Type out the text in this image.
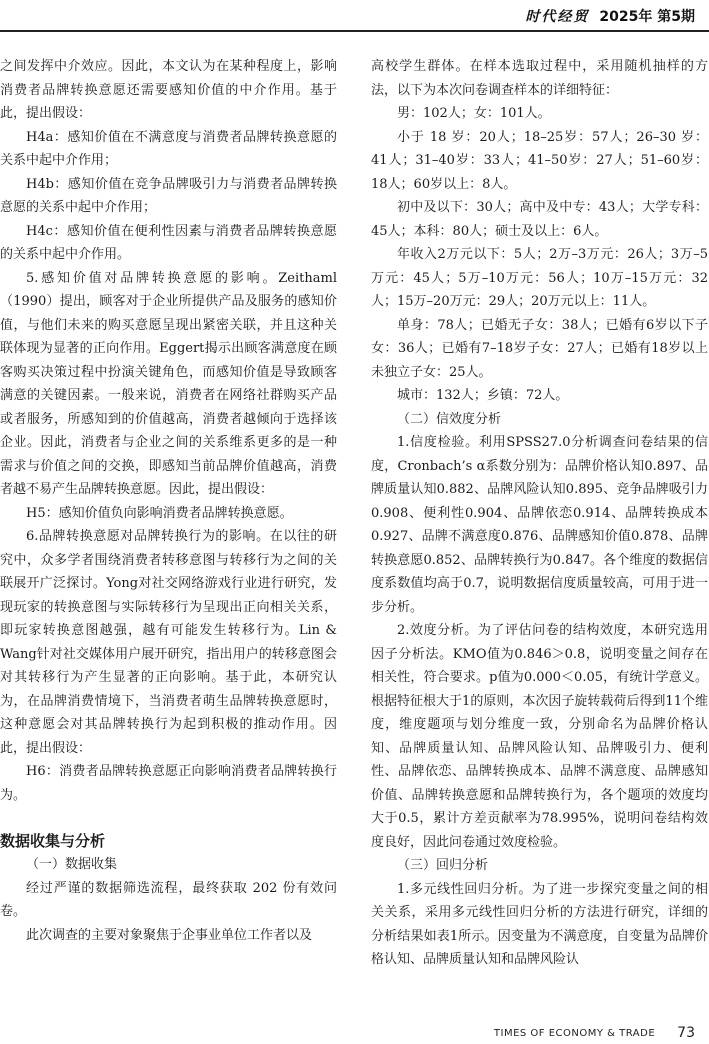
时代经贸 2025年 第5期

之间发挥中介效应。因此，本文认为在某种程度上，影响消费者品牌转换意愿还需要感知价值的中介作用。基于此，提出假设：

H4a：感知价值在不满意度与消费者品牌转换意愿的关系中起中介作用；

H4b：感知价值在竞争品牌吸引力与消费者品牌转换意愿的关系中起中介作用；

H4c：感知价值在便利性因素与消费者品牌转换意愿的关系中起中介作用。

5.感知价值对品牌转换意愿的影响。Zeithaml（1990）提出，顾客对于企业所提供产品及服务的感知价值，与他们未来的购买意愿呈现出紧密关联，并且这种关联体现为显著的正向作用。Eggert揭示出顾客满意度在顾客购买决策过程中扮演关键角色，而感知价值是导致顾客满意的关键因素。一般来说，消费者在网络社群购买产品或者服务，所感知到的价值越高，消费者越倾向于选择该企业。因此，消费者与企业之间的关系维系更多的是一种需求与价值之间的交换，即感知当前品牌价值越高，消费者越不易产生品牌转换意愿。因此，提出假设：

H5：感知价值负向影响消费者品牌转换意愿。

6.品牌转换意愿对品牌转换行为的影响。在以往的研究中，众多学者围绕消费者转移意图与转移行为之间的关联展开广泛探讨。Yong对社交网络游戏行业进行研究，发现玩家的转换意图与实际转移行为呈现出正向相关关系，即玩家转换意图越强，越有可能发生转移行为。Lin & Wang针对社交媒体用户展开研究，指出用户的转移意图会对其转移行为产生显著的正向影响。基于此，本研究认为，在品牌消费情境下，当消费者萌生品牌转换意愿时，这种意愿会对其品牌转换行为起到积极的推动作用。因此，提出假设：

H6：消费者品牌转换意愿正向影响消费者品牌转换行为。

数据收集与分析

（一）数据收集

经过严谨的数据筛选流程，最终获取 202 份有效问卷。

此次调查的主要对象聚焦于企事业单位工作者以及

高校学生群体。在样本选取过程中，采用随机抽样的方法，以下为本次问卷调查样本的详细特征：

男：102人；女：101人。

小于 18 岁：20人；18–25岁：57人；26–30 岁：41人；31–40岁：33人；41–50岁：27人；51–60岁：18人；60岁以上：8人。

初中及以下：30人；高中及中专：43人；大学专科：45人；本科：80人；硕士及以上：6人。

年收入2万元以下：5人；2万–3万元：26人；3万–5万元：45人；5万–10万元：56人；10万–15万元：32人；15万–20万元：29人；20万元以上：11人。

单身：78人；已婚无子女：38人；已婚有6岁以下子女：36人；已婚有7–18岁子女：27人；已婚有18岁以上未独立子女：25人。

城市：132人；乡镇：72人。

（二）信效度分析

1.信度检验。利用SPSS27.0分析调查问卷结果的信度，Cronbach’s α系数分别为：品牌价格认知0.897、品牌质量认知0.882、品牌风险认知0.895、竞争品牌吸引力0.908、便利性0.904、品牌依恋0.914、品牌转换成本0.927、品牌不满意度0.876、品牌感知价值0.878、品牌转换意愿0.852、品牌转换行为0.847。各个维度的数据信度系数值均高于0.7，说明数据信度质量较高，可用于进一步分析。

2.效度分析。为了评估问卷的结构效度，本研究选用因子分析法。KMO值为0.846＞0.8，说明变量之间存在相关性，符合要求。p值为0.000＜0.05，有统计学意义。根据特征根大于1的原则，本次因子旋转载荷后得到11个维度，维度题项与划分维度一致，分别命名为品牌价格认知、品牌质量认知、品牌风险认知、品牌吸引力、便利性、品牌依恋、品牌转换成本、品牌不满意度、品牌感知价值、品牌转换意愿和品牌转换行为，各个题项的效度均大于0.5，累计方差贡献率为78.995%，说明问卷结构效度良好，因此问卷通过效度检验。

（三）回归分析

1.多元线性回归分析。为了进一步探究变量之间的相关关系，采用多元线性回归分析的方法进行研究，详细的分析结果如表1所示。因变量为不满意度，自变量为品牌价格认知、品牌质量认知和品牌风险认

TIMES OF ECONOMY & TRADE 73
